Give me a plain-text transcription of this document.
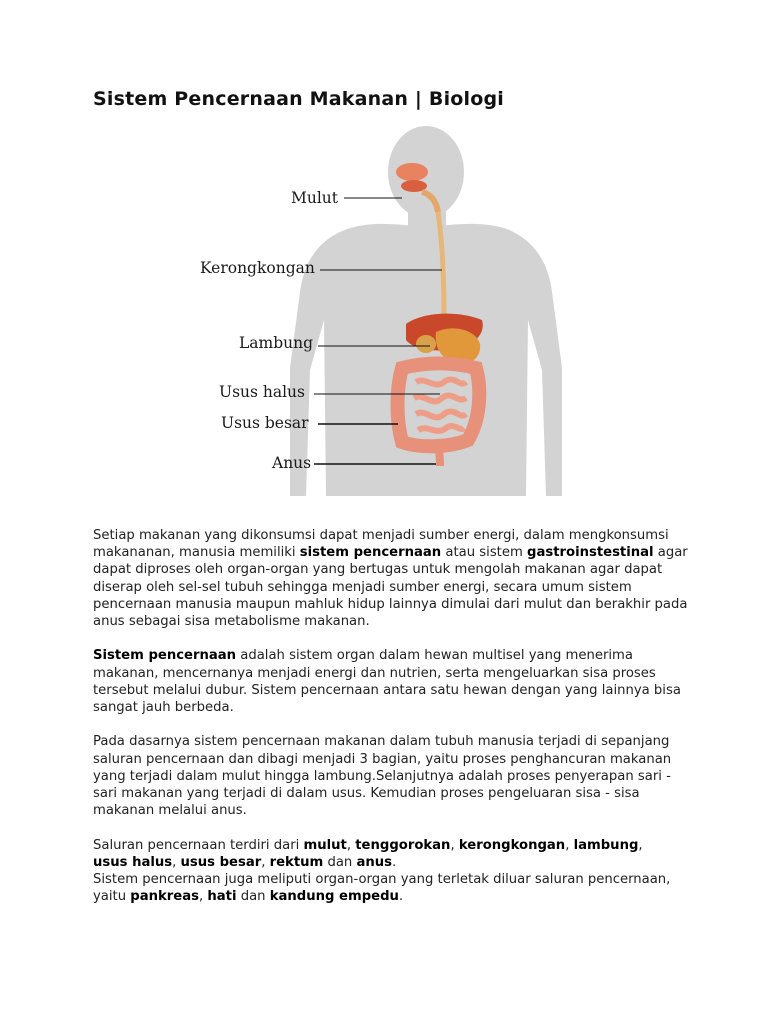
Sistem Pencernaan Makanan | Biologi
Mulut
Kerongkongan
Lambung
Usus halus
Usus besar
Anus

Setiap makanan yang dikonsumsi dapat menjadi sumber energi, dalam mengkonsumsi makananan, manusia memiliki sistem pencernaan atau sistem gastroinstestinal agar dapat diproses oleh organ-organ yang bertugas untuk mengolah makanan agar dapat diserap oleh sel-sel tubuh sehingga menjadi sumber energi, secara umum sistem pencernaan manusia maupun mahluk hidup lainnya dimulai dari mulut dan berakhir pada anus sebagai sisa metabolisme makanan.

Sistem pencernaan adalah sistem organ dalam hewan multisel yang menerima makanan, mencernanya menjadi energi dan nutrien, serta mengeluarkan sisa proses tersebut melalui dubur. Sistem pencernaan antara satu hewan dengan yang lainnya bisa sangat jauh berbeda.

Pada dasarnya sistem pencernaan makanan dalam tubuh manusia terjadi di sepanjang saluran pencernaan dan dibagi menjadi 3 bagian, yaitu proses penghancuran makanan yang terjadi dalam mulut hingga lambung.Selanjutnya adalah proses penyerapan sari - sari makanan yang terjadi di dalam usus. Kemudian proses pengeluaran sisa - sisa makanan melalui anus.

Saluran pencernaan terdiri dari mulut, tenggorokan, kerongkongan, lambung,
usus halus, usus besar, rektum dan anus.
Sistem pencernaan juga meliputi organ-organ yang terletak diluar saluran pencernaan, yaitu pankreas, hati dan kandung empedu.
